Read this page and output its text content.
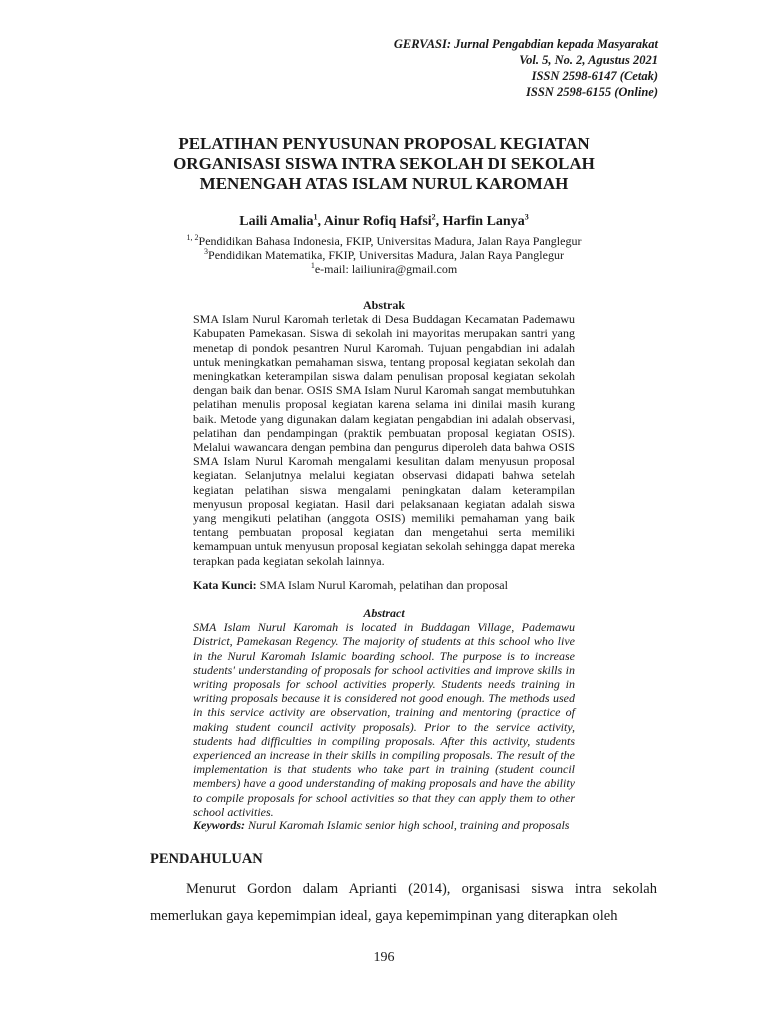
GERVASI: Jurnal Pengabdian kepada Masyarakat
Vol. 5, No. 2, Agustus 2021
ISSN 2598-6147 (Cetak)
ISSN 2598-6155 (Online)
PELATIHAN PENYUSUNAN PROPOSAL KEGIATAN ORGANISASI SISWA INTRA SEKOLAH DI SEKOLAH MENENGAH ATAS ISLAM NURUL KAROMAH
Laili Amalia$^1$, Ainur Rofiq Hafsi$^2$, Harfin Lanya$^3$
$^{1, 2}$Pendidikan Bahasa Indonesia, FKIP, Universitas Madura, Jalan Raya Panglegur
$^3$Pendidikan Matematika, FKIP, Universitas Madura, Jalan Raya Panglegur
$^1$e-mail: lailiunira@gmail.com

Abstrak

SMA Islam Nurul Karomah terletak di Desa Buddagan Kecamatan Pademawu Kabupaten Pamekasan. Siswa di sekolah ini mayoritas merupakan santri yang menetap di pondok pesantren Nurul Karomah. Tujuan pengabdian ini adalah untuk meningkatkan pemahaman siswa, tentang proposal kegiatan sekolah dan meningkatkan keterampilan siswa dalam penulisan proposal kegiatan sekolah dengan baik dan benar. OSIS SMA Islam Nurul Karomah sangat membutuhkan pelatihan menulis proposal kegiatan karena selama ini dinilai masih kurang baik. Metode yang digunakan dalam kegiatan pengabdian ini adalah observasi, pelatihan dan pendampingan (praktik pembuatan proposal kegiatan OSIS). Melalui wawancara dengan pembina dan pengurus diperoleh data bahwa OSIS SMA Islam Nurul Karomah mengalami kesulitan dalam menyusun proposal kegiatan. Selanjutnya melalui kegiatan observasi didapati bahwa setelah kegiatan pelatihan siswa mengalami peningkatan dalam keterampilan menyusun proposal kegiatan. Hasil dari pelaksanaan kegiatan adalah siswa yang mengikuti pelatihan (anggota OSIS) memiliki pemahaman yang baik tentang pembuatan proposal kegiatan dan mengetahui serta memiliki kemampuan untuk menyusun proposal kegiatan sekolah sehingga dapat mereka terapkan pada kegiatan sekolah lainnya.

Kata Kunci: SMA Islam Nurul Karomah, pelatihan dan proposal

Abstract

SMA Islam Nurul Karomah is located in Buddagan Village, Pademawu District, Pamekasan Regency. The majority of students at this school who live in the Nurul Karomah Islamic boarding school. The purpose is to increase students' understanding of proposals for school activities and improve skills in writing proposals for school activities properly. Students needs training in writing proposals because it is considered not good enough. The methods used in this service activity are observation, training and mentoring (practice of making student council activity proposals). Prior to the service activity, students had difficulties in compiling proposals. After this activity, students experienced an increase in their skills in compiling proposals. The result of the implementation is that students who take part in training (student council members) have a good understanding of making proposals and have the ability to compile proposals for school activities so that they can apply them to other school activities.

Keywords: Nurul Karomah Islamic senior high school, training and proposals
PENDAHULUAN

Menurut Gordon dalam Aprianti (2014), organisasi siswa intra sekolah memerlukan gaya kepemimpian ideal, gaya kepemimpinan yang diterapkan oleh

196
